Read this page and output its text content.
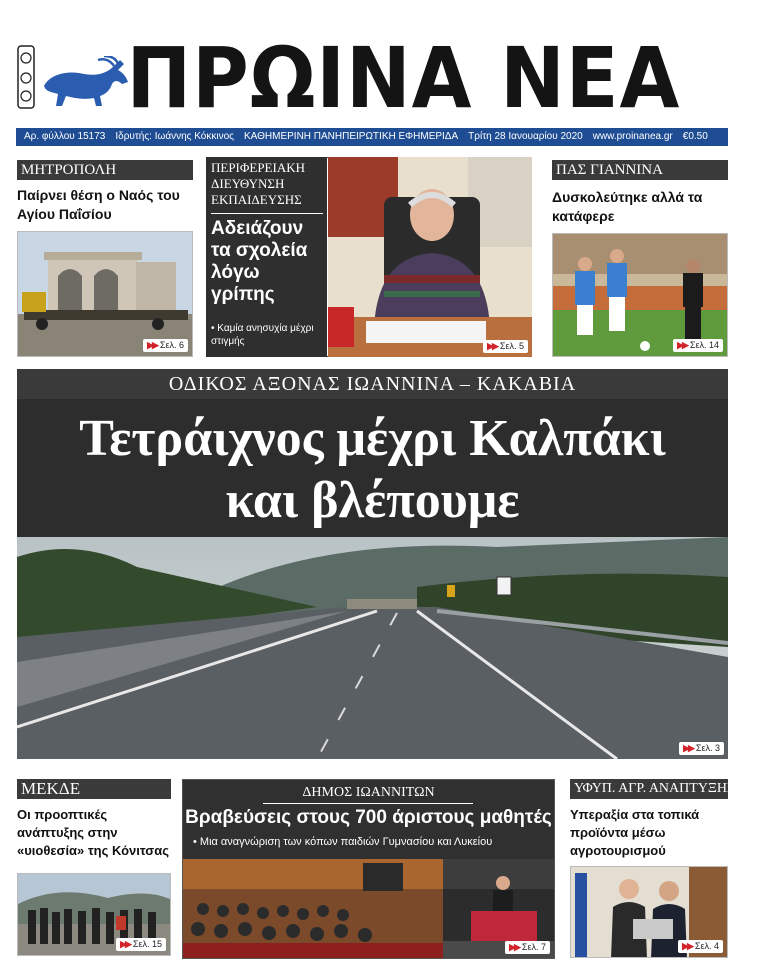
ΠΡΩΙΝΑ ΝΕΑ
Αρ. φύλλου 15173 Ιδρυτής: Ιωάννης Κόκκινος ΚΑΘΗΜΕΡΙΝΗ ΠΑΝΗΠΕΙΡΩΤΙΚΗ ΕΦΗΜΕΡΙΔΑ Τρίτη 28 Ιανουαρίου 2020 www.proinanea.gr €0.50
ΜΗΤΡΟΠΟΛΗ
Παίρνει θέση ο Ναός του Αγίου Παΐσίου
▶▶ Σελ. 6
ΠΕΡΙΦΕΡΕΙΑΚΗ ΔΙΕΥΘΥΝΣΗ ΕΚΠΑΙΔΕΥΣΗΣ
Αδειάζουν τα σχολεία λόγω γρίπης
• Καμία ανησυχία μέχρι στιγμής	▶▶ Σελ. 5
ΠΑΣ ΓΙΑΝΝΙΝΑ
Δυσκολεύτηκε αλλά τα κατάφερε
▶▶ Σελ. 14
ΟΔΙΚΟΣ ΑΞΟΝΑΣ ΙΩΑΝΝΙΝΑ – ΚΑΚΑΒΙΑ
Τετράιχνος μέχρι Καλπάκι
και βλέπουμε
▶▶ Σελ. 3
ΜΕΚΔΕ
Οι προοπτικές ανάπτυξης στην «υιοθεσία» της Κόνιτσας
▶▶ Σελ. 15
ΔΗΜΟΣ ΙΩΑΝΝΙΤΩΝ
Βραβεύσεις στους 700 άριστους μαθητές
• Μια αναγνώριση των κόπων παιδιών Γυμνασίου και Λυκείου
▶▶ Σελ. 7
ΥΦΥΠ. ΑΓΡ. ΑΝΑΠΤΥΞΗΣ
Υπεραξία στα τοπικά προϊόντα μέσω αγροτουρισμού
▶▶ Σελ. 4
